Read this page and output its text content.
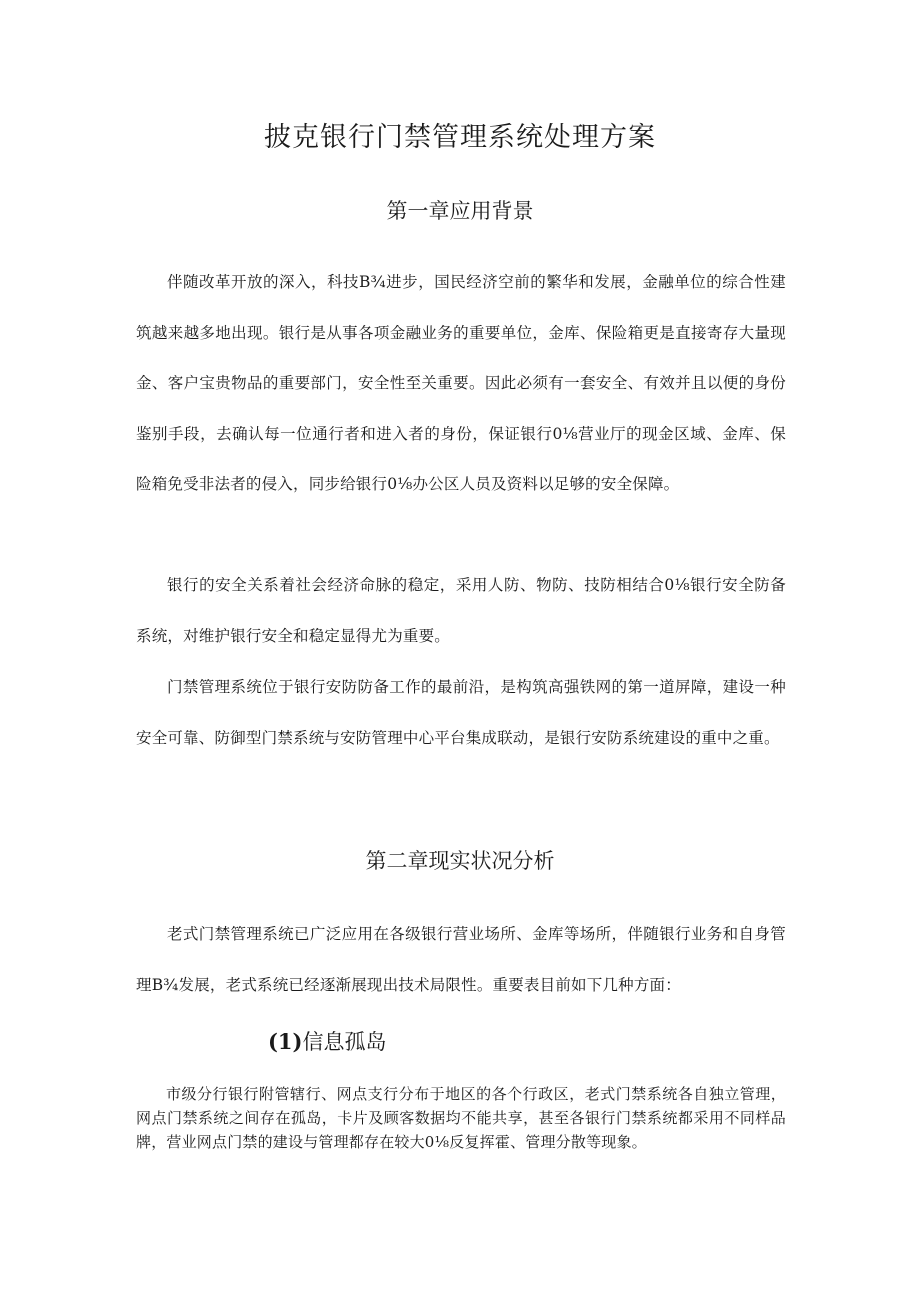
披克银行门禁管理系统处理方案
第一章应用背景

伴随改革开放的深入，科技B¾进步，国民经济空前的繁华和发展，金融单位的综合性建筑越来越多地出现。银行是从事各项金融业务的重要单位，金库、保险箱更是直接寄存大量现金、客户宝贵物品的重要部门，安全性至关重要。因此必须有一套安全、有效并且以便的身份鉴别手段，去确认每一位通行者和进入者的身份，保证银行0⅛营业厅的现金区域、金库、保险箱免受非法者的侵入，同步给银行0⅛办公区人员及资料以足够的安全保障。

银行的安全关系着社会经济命脉的稳定，采用人防、物防、技防相结合0⅛银行安全防备系统，对维护银行安全和稳定显得尤为重要。

门禁管理系统位于银行安防防备工作的最前沿，是构筑高强铁网的第一道屏障，建设一种安全可靠、防御型门禁系统与安防管理中心平台集成联动，是银行安防系统建设的重中之重。

第二章现实状况分析

老式门禁管理系统已广泛应用在各级银行营业场所、金库等场所，伴随银行业务和自身管理B¾发展，老式系统已经逐渐展现出技术局限性。重要表目前如下几种方面：

(1)信息孤岛

市级分行银行附管辖行、网点支行分布于地区的各个行政区，老式门禁系统各自独立管理，网点门禁系统之间存在孤岛，卡片及顾客数据均不能共享，甚至各银行门禁系统都采用不同样品牌，营业网点门禁的建设与管理都存在较大0⅛反复挥霍、管理分散等现象。
